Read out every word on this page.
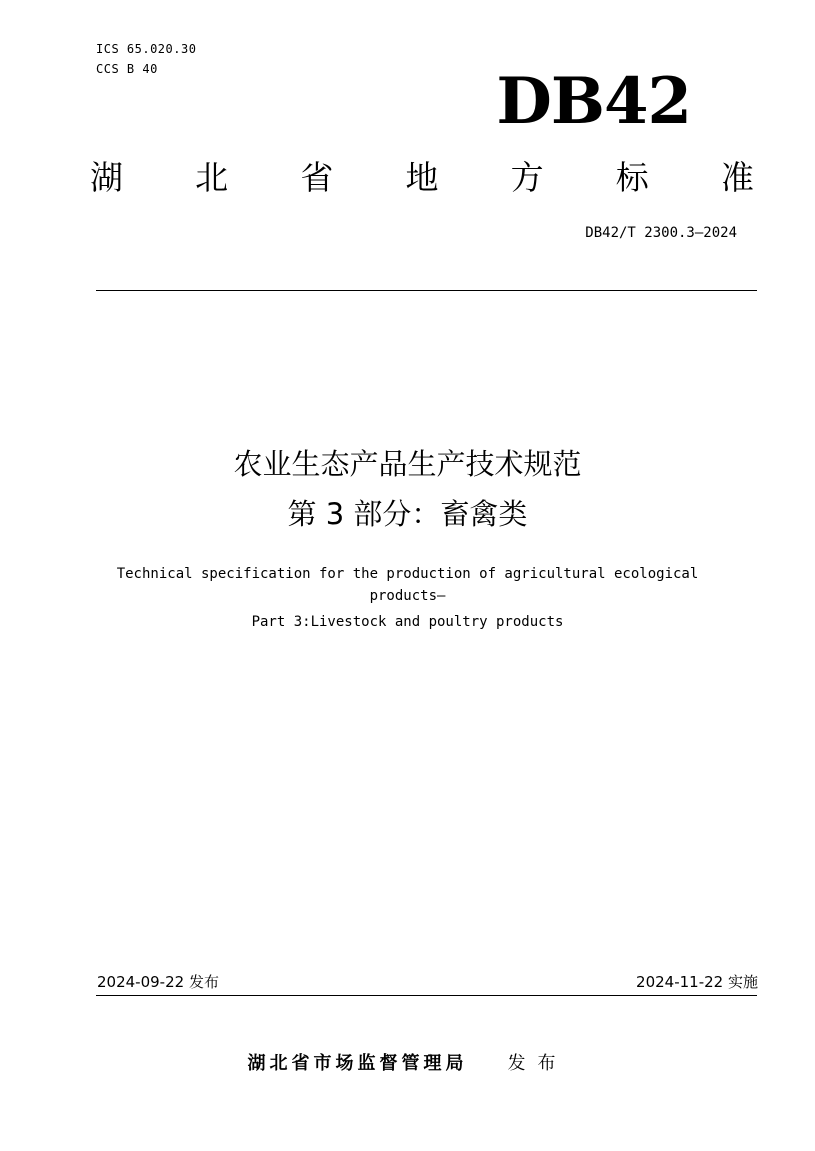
ICS 65.020.30
CCS B 40	DB42
湖 北 省 地 方 标 准
DB42/T 2300.3—2024
农业生态产品生产技术规范
第 3 部分：畜禽类
Technical specification for the production of agricultural ecological
products—
Part 3:Livestock and poultry products
2024-09-22 发布	2024-11-22 实施
湖北省市场监督管理局 发布
